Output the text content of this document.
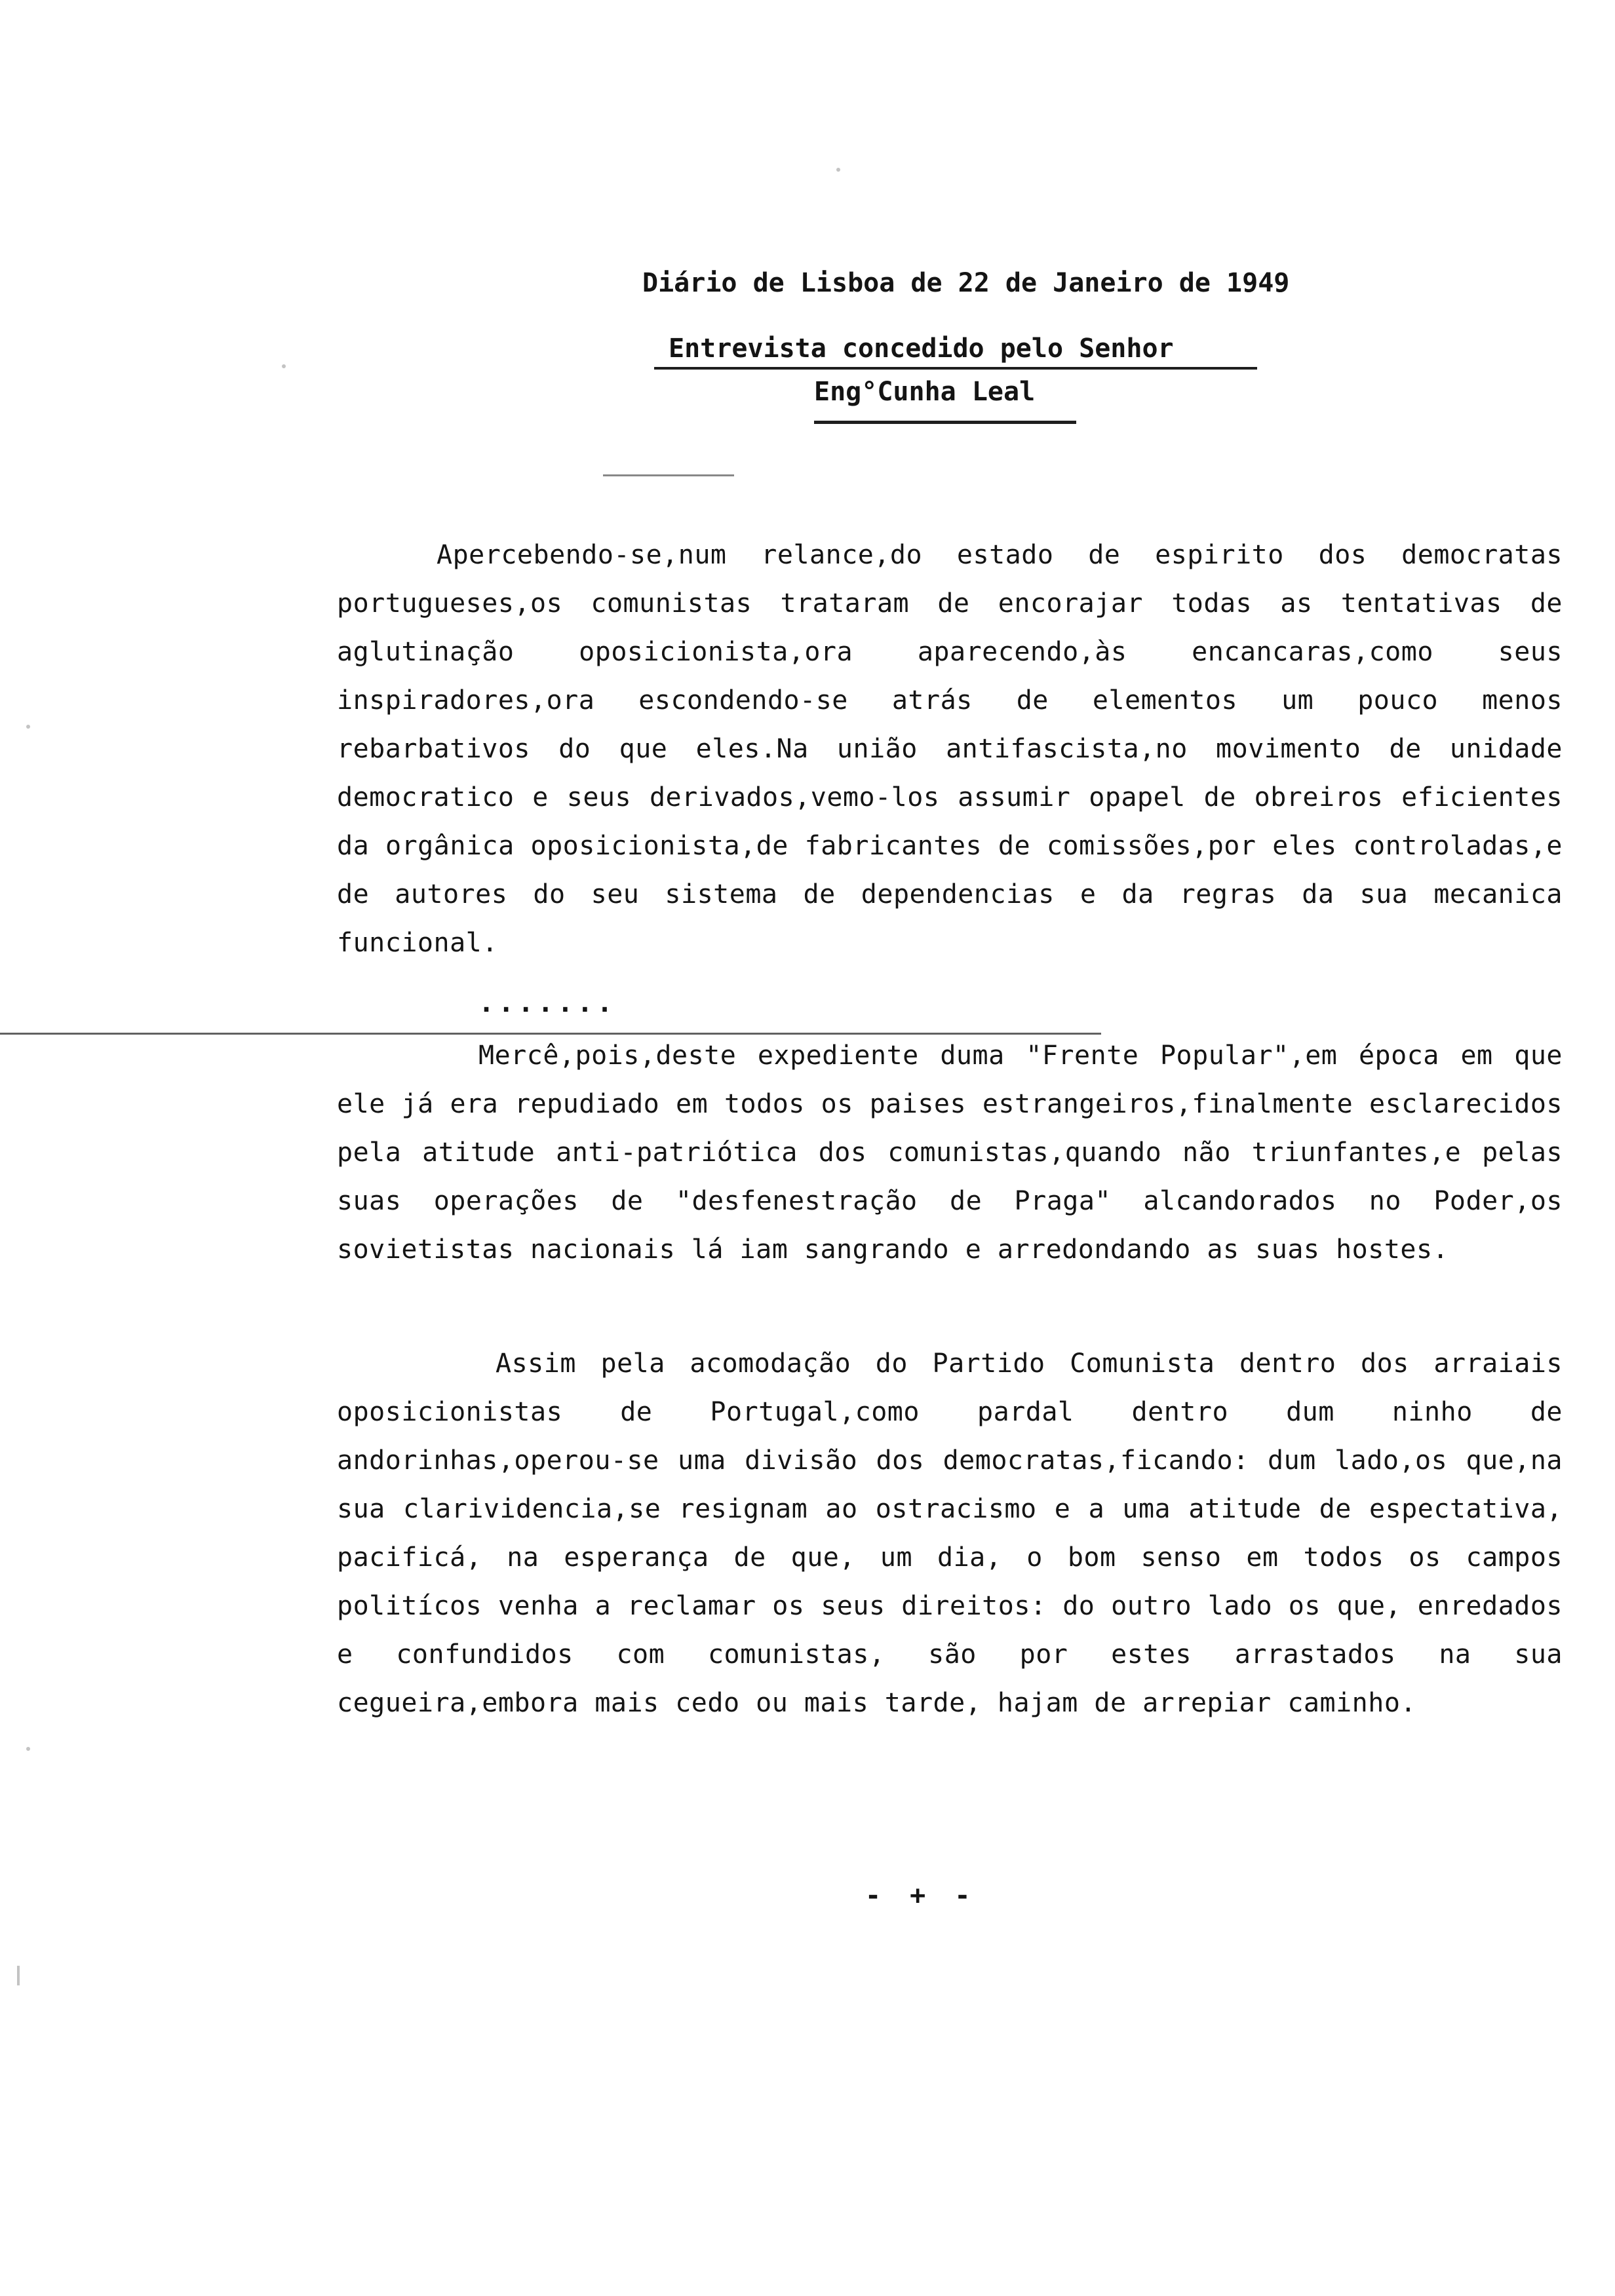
Diário de Lisboa de 22 de Janeiro de 1949
Entrevista concedido pelo Senhor
Eng°Cunha Leal
Apercebendo-se,num relance,do estado de espirito dos democratas portugueses,os comunistas trataram de encorajar todas as tentativas de aglutinação oposicionista,ora aparecendo,às encancaras,como seus inspiradores,ora escondendo-se atrás de elementos um pouco menos rebarbativos do que eles.Na união antifascista,no movimento de unidade democratico e seus derivados,vemo-los assumir opapel de obreiros eficientes da orgânica oposicionista,de fabricantes de comissões,por eles controladas,e de autores do seu sistema de dependencias e da regras da sua mecanica funcional.
.......
Mercê,pois,deste expediente duma "Frente Popular",em época em que ele já era repudiado em todos os paises estrangeiros,finalmente esclarecidos pela atitude anti-patriótica dos comunistas,quando não triunfantes,e pelas suas operações de "desfenestração de Praga" alcandorados no Poder,os sovietistas nacionais lá iam sangrando e arredondando as suas hostes.
Assim pela acomodação do Partido Comunista dentro dos arraiais oposicionistas de Portugal,como pardal dentro dum ninho de andorinhas,operou-se uma divisão dos democratas,ficando: dum lado,os que,na sua clarividencia,se resignam ao ostracismo e a uma atitude de espectativa, pacificá, na esperança de que, um dia, o bom senso em todos os campos politícos venha a reclamar os seus direitos: do outro lado os que, enredados e confundidos com comunistas, são por estes arrastados na sua cegueira,embora mais cedo ou mais tarde, hajam de arrepiar caminho.
- + -
